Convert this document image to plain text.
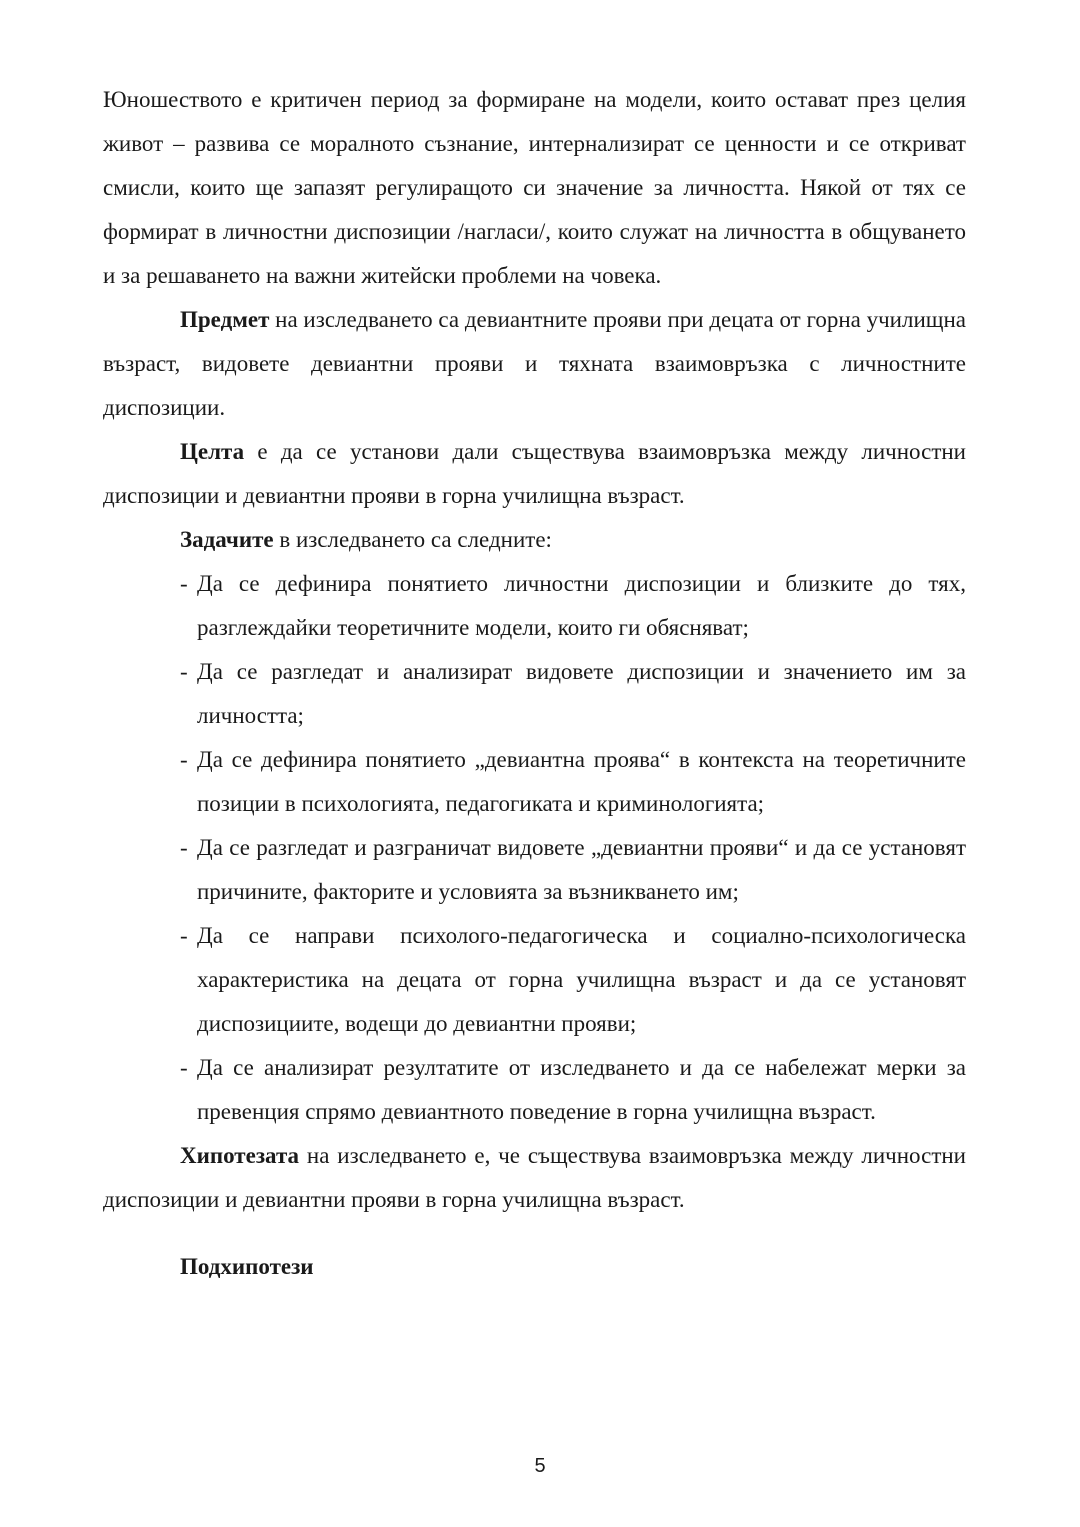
Юношеството е критичен период за формиране на модели, които остават през целия живот – развива се моралното съзнание, интернализират се ценности и се откриват смисли, които ще запазят регулиращото си значение за личността. Някой от тях се формират в личностни диспозиции /нагласи/, които служат на личността в общуването и за решаването на важни житейски проблеми на човека.

Предмет на изследването са девиантните прояви при децата от горна училищна възраст, видовете девиантни прояви и тяхната взаимовръзка с личностните диспозиции.

Целта е да се установи дали съществува взаимовръзка между личностни диспозиции и девиантни прояви в горна училищна възраст.

Задачите в изследването са следните:

- Да се дефинира понятието личностни диспозиции и близките до тях, разглеждайки теоретичните модели, които ги обясняват;
- Да се разгледат и анализират видовете диспозиции и значението им за личността;
- Да се дефинира понятието „девиантна проява“ в контекста на теоретичните позиции в психологията, педагогиката и криминологията;
- Да се разгледат и разграничат видовете „девиантни прояви“ и да се установят причините, факторите и условията за възникването им;
- Да се направи психолого-педагогическа и социално-психологическа характеристика на децата от горна училищна възраст и да се установят диспозициите, водещи до девиантни прояви;
- Да се анализират резултатите от изследването и да се набележат мерки за превенция спрямо девиантното поведение в горна училищна възраст.

Хипотезата на изследването е, че съществува взаимовръзка между личностни диспозиции и девиантни прояви в горна училищна възраст.

Подхипотези

5
